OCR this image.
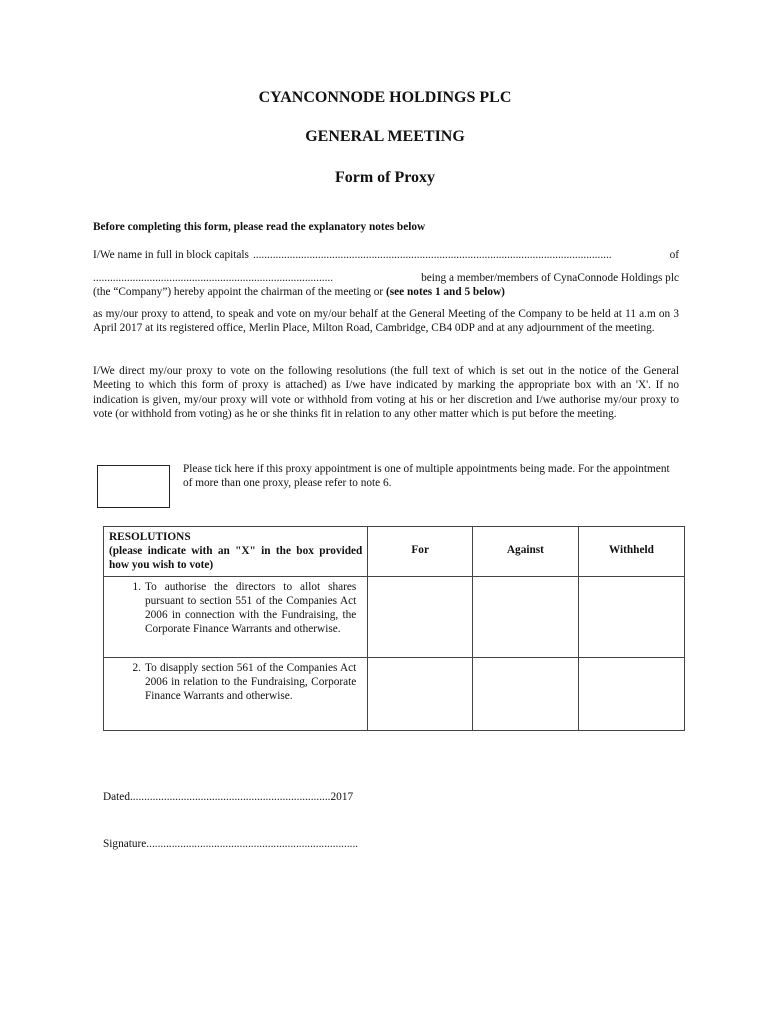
CYANCONNODE HOLDINGS PLC
GENERAL MEETING
Form of Proxy
Before completing this form, please read the explanatory notes below
I/We name in full in block capitals ...............................................................................................................................	of
.....................................................................................	being a member/members of CynaConnode Holdings plc
(the “Company”) hereby appoint the chairman of the meeting or (see notes 1 and 5 below)
as my/our proxy to attend, to speak and vote on my/our behalf at the General Meeting of the Company to be held at 11 a.m on 3 April 2017 at its registered office, Merlin Place, Milton Road, Cambridge, CB4 0DP and at any adjournment of the meeting.
I/We direct my/our proxy to vote on the following resolutions (the full text of which is set out in the notice of the General Meeting to which this form of proxy is attached) as I/we have indicated by marking the appropriate box with an 'X'. If no indication is given, my/our proxy will vote or withhold from voting at his or her discretion and I/we authorise my/our proxy to vote (or withhold from voting) as he or she thinks fit in relation to any other matter which is put before the meeting.
Please tick here if this proxy appointment is one of multiple appointments being made. For the appointment of more than one proxy, please refer to note 6.
RESOLUTIONS
(please indicate with an "X" in the box provided how you wish to vote)	For	Against	Withheld

1. To authorise the directors to allot shares pursuant to section 551 of the Companies Act 2006 in connection with the Fundraising, the Corporate Finance Warrants and otherwise.			

2. To disapply section 561 of the Companies Act 2006 in relation to the Fundraising, Corporate Finance Warrants and otherwise.			

Dated.......................................................................2017
Signature...........................................................................
